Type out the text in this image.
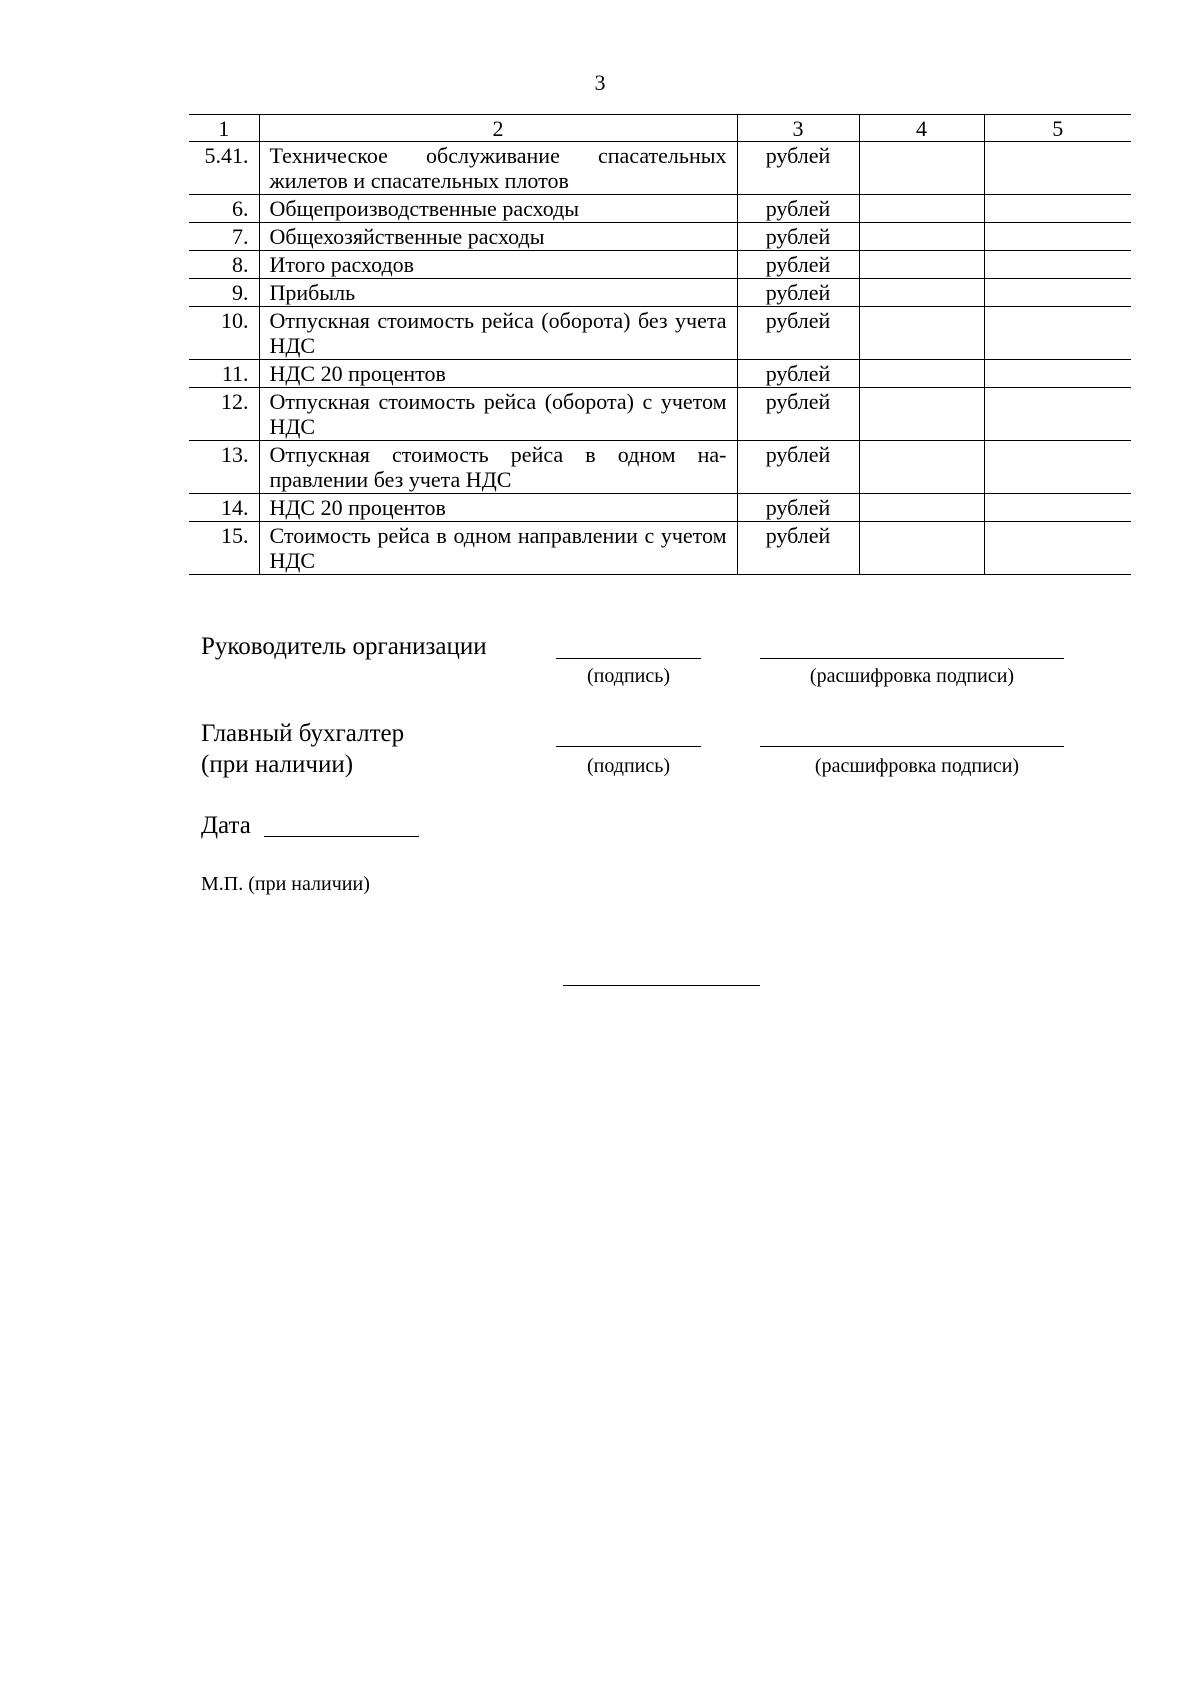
3
1	2	3	4	5
5.41.	Техническое обслуживание спасательных жилетов и спасательных плотов	рублей		
6.	Общепроизводственные расходы	рублей		
7.	Общехозяйственные расходы	рублей		
8.	Итого расходов	рублей		
9.	Прибыль	рублей		
10.	Отпускная стоимость рейса (оборота) без учета НДС	рублей		
11.	НДС 20 процентов	рублей		
12.	Отпускная стоимость рейса (оборота) с учетом НДС	рублей		
13.	Отпускная стоимость рейса в одном на-правлении без учета НДС	рублей		
14.	НДС 20 процентов	рублей		
15.	Стоимость рейса в одном направлении с учетом НДС	рублей		
Руководитель организации
(подпись)	(расшифровка подписи)
Главный бухгалтер
(при наличии)	(подпись)	(расшифровка подписи)
Дата
М.П. (при наличии)
